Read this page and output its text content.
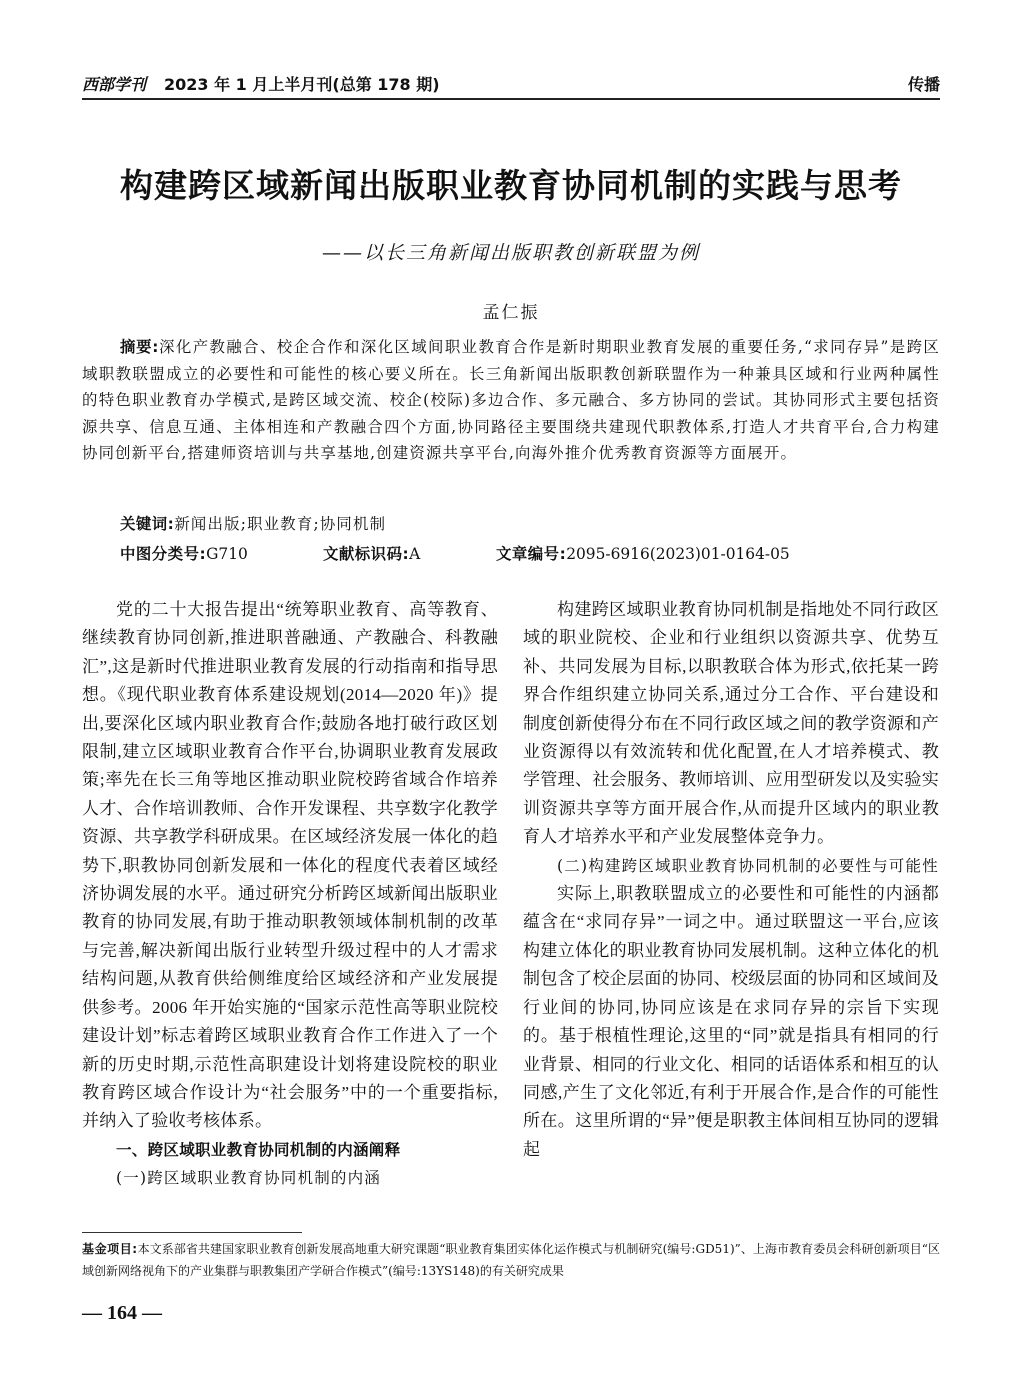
西部学刊 2023 年 1 月上半月刊(总第 178 期)	传播
构建跨区域新闻出版职业教育协同机制的实践与思考
——以长三角新闻出版职教创新联盟为例
孟仁振
摘要:深化产教融合、校企合作和深化区域间职业教育合作是新时期职业教育发展的重要任务,“求同存异”是跨区域职教联盟成立的必要性和可能性的核心要义所在。长三角新闻出版职教创新联盟作为一种兼具区域和行业两种属性的特色职业教育办学模式,是跨区域交流、校企(校际)多边合作、多元融合、多方协同的尝试。其协同形式主要包括资源共享、信息互通、主体相连和产教融合四个方面,协同路径主要围绕共建现代职教体系,打造人才共育平台,合力构建协同创新平台,搭建师资培训与共享基地,创建资源共享平台,向海外推介优秀教育资源等方面展开。
关键词:新闻出版;职业教育;协同机制
中图分类号:G710	文献标识码:A	文章编号:2095-6916(2023)01-0164-05

党的二十大报告提出“统筹职业教育、高等教育、继续教育协同创新,推进职普融通、产教融合、科教融汇”,这是新时代推进职业教育发展的行动指南和指导思想。《现代职业教育体系建设规划(2014—2020 年)》提出,要深化区域内职业教育合作;鼓励各地打破行政区划限制,建立区域职业教育合作平台,协调职业教育发展政策;率先在长三角等地区推动职业院校跨省域合作培养人才、合作培训教师、合作开发课程、共享数字化教学资源、共享教学科研成果。在区域经济发展一体化的趋势下,职教协同创新发展和一体化的程度代表着区域经济协调发展的水平。通过研究分析跨区域新闻出版职业教育的协同发展,有助于推动职教领域体制机制的改革与完善,解决新闻出版行业转型升级过程中的人才需求结构问题,从教育供给侧维度给区域经济和产业发展提供参考。2006 年开始实施的“国家示范性高等职业院校建设计划”标志着跨区域职业教育合作工作进入了一个新的历史时期,示范性高职建设计划将建设院校的职业教育跨区域合作设计为“社会服务”中的一个重要指标,并纳入了验收考核体系。

一、跨区域职业教育协同机制的内涵阐释

(一)跨区域职业教育协同机制的内涵

构建跨区域职业教育协同机制是指地处不同行政区域的职业院校、企业和行业组织以资源共享、优势互补、共同发展为目标,以职教联合体为形式,依托某一跨界合作组织建立协同关系,通过分工合作、平台建设和制度创新使得分布在不同行政区域之间的教学资源和产业资源得以有效流转和优化配置,在人才培养模式、教学管理、社会服务、教师培训、应用型研发以及实验实训资源共享等方面开展合作,从而提升区域内的职业教育人才培养水平和产业发展整体竞争力。

(二)构建跨区域职业教育协同机制的必要性与可能性

实际上,职教联盟成立的必要性和可能性的内涵都蕴含在“求同存异”一词之中。通过联盟这一平台,应该构建立体化的职业教育协同发展机制。这种立体化的机制包含了校企层面的协同、校级层面的协同和区域间及行业间的协同,协同应该是在求同存异的宗旨下实现的。基于根植性理论,这里的“同”就是指具有相同的行业背景、相同的行业文化、相同的话语体系和相互的认同感,产生了文化邻近,有利于开展合作,是合作的可能性所在。这里所谓的“异”便是职教主体间相互协同的逻辑起

基金项目:本文系部省共建国家职业教育创新发展高地重大研究课题“职业教育集团实体化运作模式与机制研究(编号:GD51)”、上海市教育委员会科研创新项目“区域创新网络视角下的产业集群与职教集团产学研合作模式”(编号:13YS148)的有关研究成果
— 164 —
